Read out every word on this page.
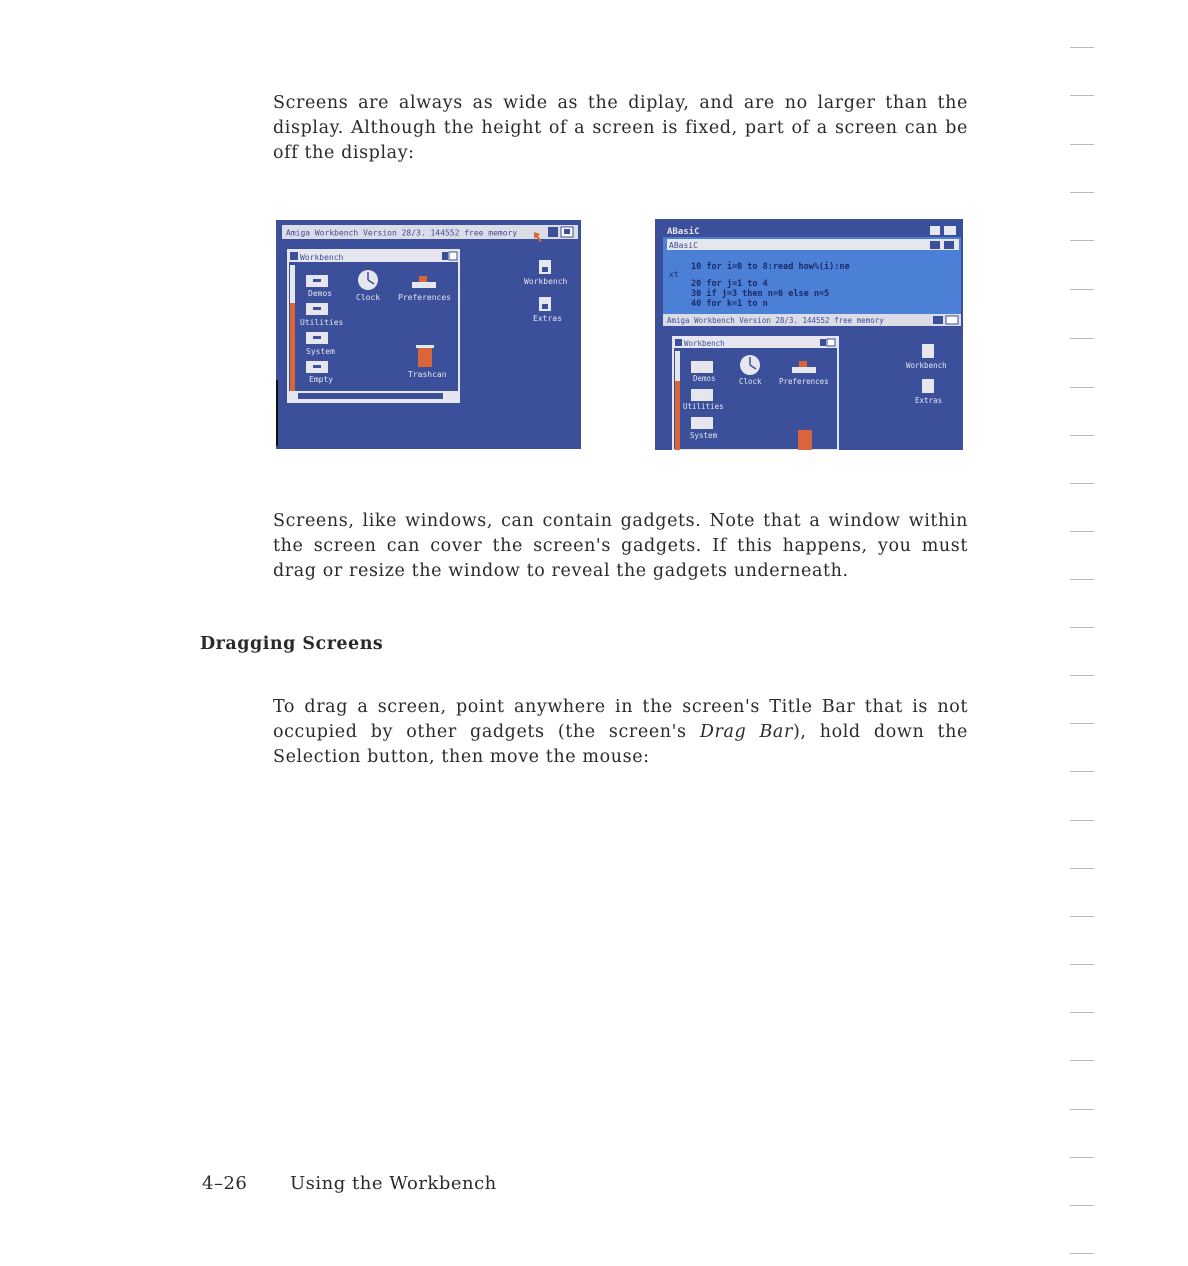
Screens are always as wide as the diplay, and are no larger than the display. Although the height of a screen is fixed, part of a screen can be off the display:

Amiga Workbench Version 28/3. 144552 free memory
Workbench
Demos
Utilities
System
Empty
Clock Preferences
Trashcan
Workbench
Extras
ABasiC
ABasiC
xt
10 for i=0 to 8:read how%(i):ne
20 for j=1 to 4
30 if j=3 then n=6 else n=5
40 for k=1 to n
Amiga Workbench Version 28/3. 144552 free memory
Workbench
Demos
Utilities
System
Clock Preferences
Workbench
Extras

Screens, like windows, can contain gadgets. Note that a window within the screen can cover the screen's gadgets. If this happens, you must drag or resize the window to reveal the gadgets underneath.

Dragging Screens

To drag a screen, point anywhere in the screen's Title Bar that is not occupied by other gadgets (the screen's Drag Bar), hold down the Selection button, then move the mouse:

4–26 Using the Workbench
